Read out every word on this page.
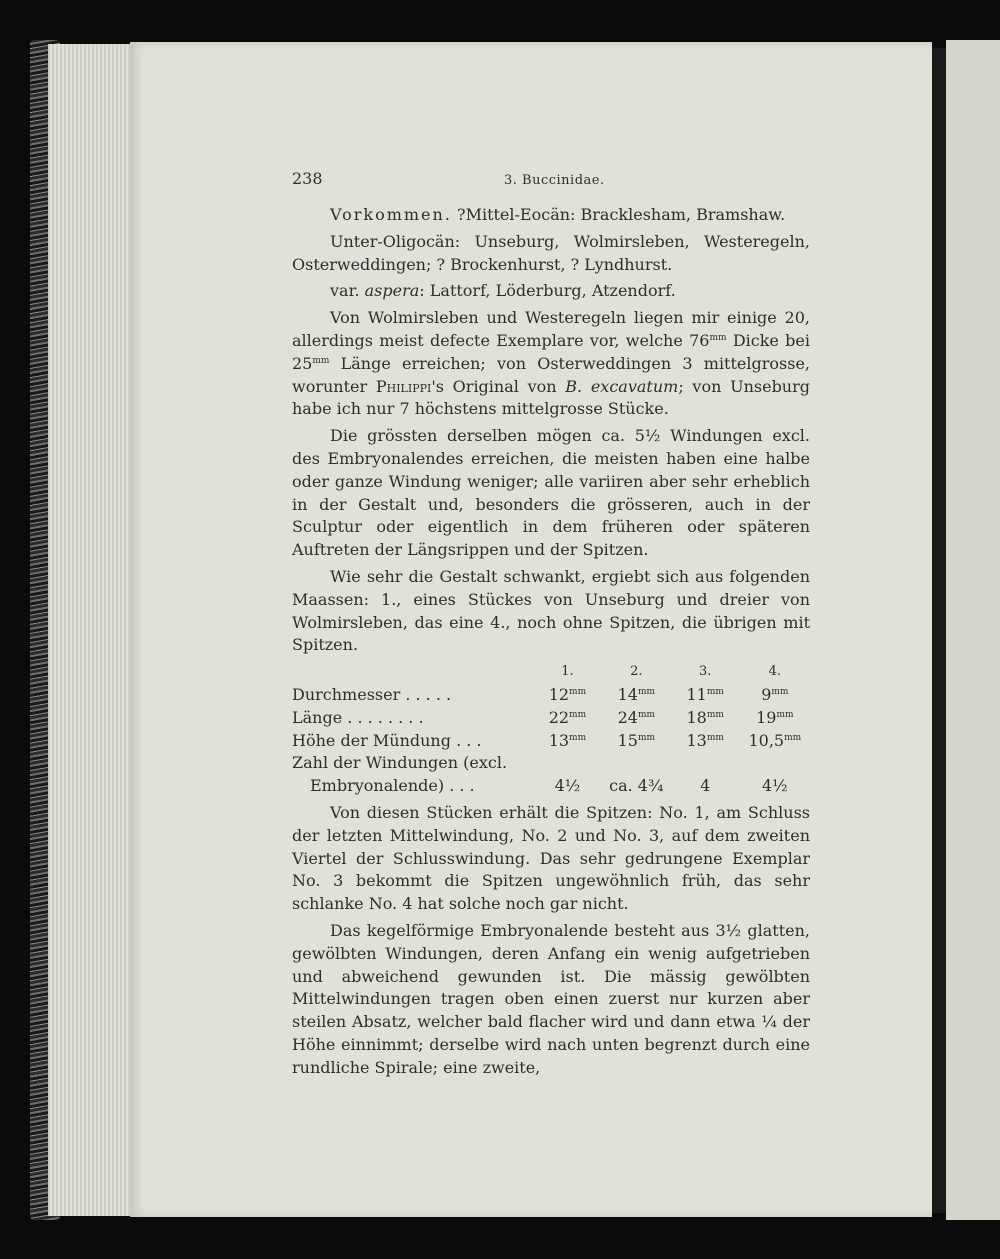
238	3. Buccinidae.

Vorkommen. ?Mittel-Eocän: Bracklesham, Bramshaw.

Unter-Oligocän: Unseburg, Wolmirsleben, Westeregeln, Osterweddingen; ? Brockenhurst, ? Lyndhurst.

var. aspera: Lattorf, Löderburg, Atzendorf.

Von Wolmirsleben und Westeregeln liegen mir einige 20, allerdings meist defecte Exemplare vor, welche $76^{mm}$ Dicke bei $25^{mm}$ Länge erreichen; von Osterweddingen 3 mittelgrosse, worunter Philippi's Original von B. excavatum; von Unseburg habe ich nur 7 höchstens mittelgrosse Stücke.

Die grössten derselben mögen ca. 5½ Windungen excl. des Embryonalendes erreichen, die meisten haben eine halbe oder ganze Windung weniger; alle variiren aber sehr erheblich in der Gestalt und, besonders die grösseren, auch in der Sculptur oder eigentlich in dem früheren oder späteren Auftreten der Längsrippen und der Spitzen.

Wie sehr die Gestalt schwankt, ergiebt sich aus folgenden Maassen: 1., eines Stückes von Unseburg und dreier von Wolmirsleben, das eine 4., noch ohne Spitzen, die übrigen mit Spitzen.

	1.	2.	3.	4.
Durchmesser . . . . .	$12^{mm}$	$14^{mm}$	$11^{mm}$	$9^{mm}$
Länge . . . . . . . .	$22^{mm}$	$24^{mm}$	$18^{mm}$	$19^{mm}$
Höhe der Mündung . . .	$13^{mm}$	$15^{mm}$	$13^{mm}$	$10,5^{mm}$
Zahl der Windungen (excl.				
Embryonalende) . . .	4½	ca. 4¾	4	4½

Von diesen Stücken erhält die Spitzen: No. 1, am Schluss der letzten Mittelwindung, No. 2 und No. 3, auf dem zweiten Viertel der Schlusswindung. Das sehr gedrungene Exemplar No. 3 bekommt die Spitzen ungewöhnlich früh, das sehr schlanke No. 4 hat solche noch gar nicht.

Das kegelförmige Embryonalende besteht aus 3½ glatten, gewölbten Windungen, deren Anfang ein wenig aufgetrieben und abweichend gewunden ist. Die mässig gewölbten Mittelwindungen tragen oben einen zuerst nur kurzen aber steilen Absatz, welcher bald flacher wird und dann etwa ¼ der Höhe einnimmt; derselbe wird nach unten begrenzt durch eine rundliche Spirale; eine zweite,
